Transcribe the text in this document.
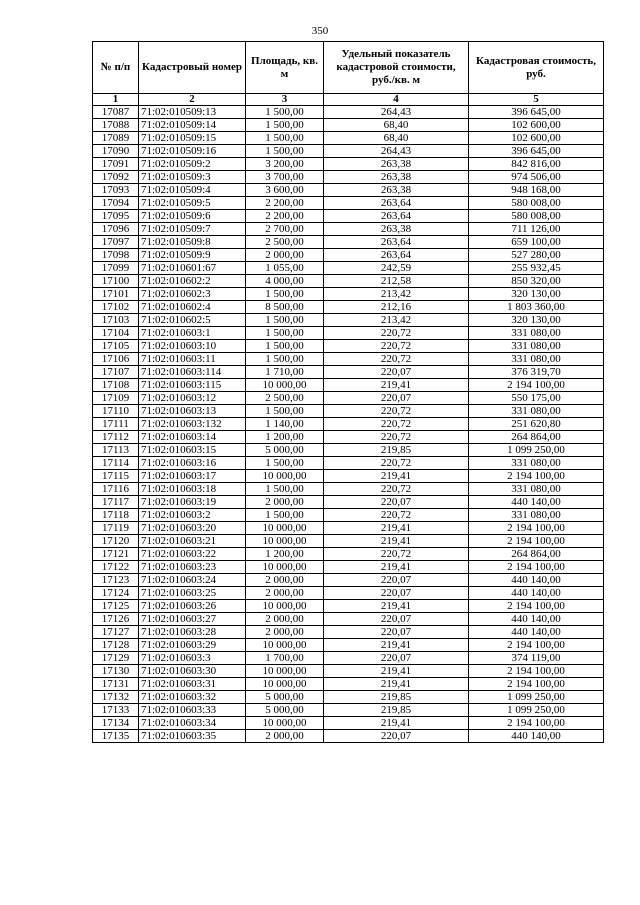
350
№ п/п	Кадастровый номер	Площадь, кв. м	Удельный показатель кадастровой стоимости, руб./кв. м	Кадастровая стоимость, руб.
1	2	3	4	5
17087	71:02:010509:13	1 500,00	264,43	396 645,00
17088	71:02:010509:14	1 500,00	68,40	102 600,00
17089	71:02:010509:15	1 500,00	68,40	102 600,00
17090	71:02:010509:16	1 500,00	264,43	396 645,00
17091	71:02:010509:2	3 200,00	263,38	842 816,00
17092	71:02:010509:3	3 700,00	263,38	974 506,00
17093	71:02:010509:4	3 600,00	263,38	948 168,00
17094	71:02:010509:5	2 200,00	263,64	580 008,00
17095	71:02:010509:6	2 200,00	263,64	580 008,00
17096	71:02:010509:7	2 700,00	263,38	711 126,00
17097	71:02:010509:8	2 500,00	263,64	659 100,00
17098	71:02:010509:9	2 000,00	263,64	527 280,00
17099	71:02:010601:67	1 055,00	242,59	255 932,45
17100	71:02:010602:2	4 000,00	212,58	850 320,00
17101	71:02:010602:3	1 500,00	213,42	320 130,00
17102	71:02:010602:4	8 500,00	212,16	1 803 360,00
17103	71:02:010602:5	1 500,00	213,42	320 130,00
17104	71:02:010603:1	1 500,00	220,72	331 080,00
17105	71:02:010603:10	1 500,00	220,72	331 080,00
17106	71:02:010603:11	1 500,00	220,72	331 080,00
17107	71:02:010603:114	1 710,00	220,07	376 319,70
17108	71:02:010603:115	10 000,00	219,41	2 194 100,00
17109	71:02:010603:12	2 500,00	220,07	550 175,00
17110	71:02:010603:13	1 500,00	220,72	331 080,00
17111	71:02:010603:132	1 140,00	220,72	251 620,80
17112	71:02:010603:14	1 200,00	220,72	264 864,00
17113	71:02:010603:15	5 000,00	219,85	1 099 250,00
17114	71:02:010603:16	1 500,00	220,72	331 080,00
17115	71:02:010603:17	10 000,00	219,41	2 194 100,00
17116	71:02:010603:18	1 500,00	220,72	331 080,00
17117	71:02:010603:19	2 000,00	220,07	440 140,00
17118	71:02:010603:2	1 500,00	220,72	331 080,00
17119	71:02:010603:20	10 000,00	219,41	2 194 100,00
17120	71:02:010603:21	10 000,00	219,41	2 194 100,00
17121	71:02:010603:22	1 200,00	220,72	264 864,00
17122	71:02:010603:23	10 000,00	219,41	2 194 100,00
17123	71:02:010603:24	2 000,00	220,07	440 140,00
17124	71:02:010603:25	2 000,00	220,07	440 140,00
17125	71:02:010603:26	10 000,00	219,41	2 194 100,00
17126	71:02:010603:27	2 000,00	220,07	440 140,00
17127	71:02:010603:28	2 000,00	220,07	440 140,00
17128	71:02:010603:29	10 000,00	219,41	2 194 100,00
17129	71:02:010603:3	1 700,00	220,07	374 119,00
17130	71:02:010603:30	10 000,00	219,41	2 194 100,00
17131	71:02:010603:31	10 000,00	219,41	2 194 100,00
17132	71:02:010603:32	5 000,00	219,85	1 099 250,00
17133	71:02:010603:33	5 000,00	219,85	1 099 250,00
17134	71:02:010603:34	10 000,00	219,41	2 194 100,00
17135	71:02:010603:35	2 000,00	220,07	440 140,00
